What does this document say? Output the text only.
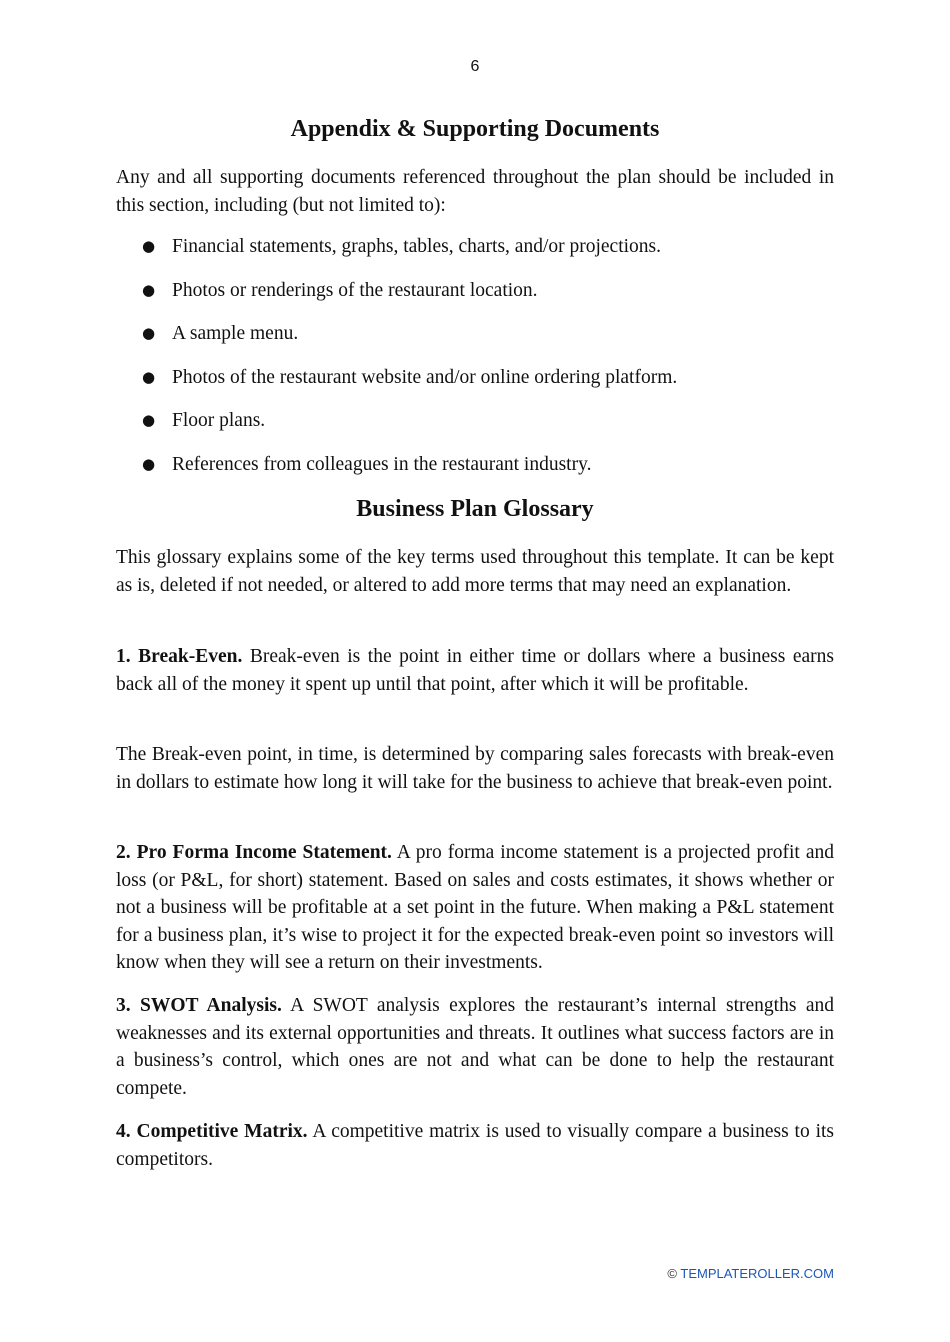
6
Appendix & Supporting Documents

Any and all supporting documents referenced throughout the plan should be included in this section, including (but not limited to):

● Financial statements, graphs, tables, charts, and/or projections.
● Photos or renderings of the restaurant location.
● A sample menu.
● Photos of the restaurant website and/or online ordering platform.
● Floor plans.
● References from colleagues in the restaurant industry.
Business Plan Glossary

This glossary explains some of the key terms used throughout this template. It can be kept as is, deleted if not needed, or altered to add more terms that may need an explanation.

1. Break-Even. Break-even is the point in either time or dollars where a business earns back all of the money it spent up until that point, after which it will be profitable.

The Break-even point, in time, is determined by comparing sales forecasts with break-even in dollars to estimate how long it will take for the business to achieve that break-even point.

2. Pro Forma Income Statement. A pro forma income statement is a projected profit and loss (or P&L, for short) statement. Based on sales and costs estimates, it shows whether or not a business will be profitable at a set point in the future. When making a P&L statement for a business plan, it’s wise to project it for the expected break-even point so investors will know when they will see a return on their investments.

3. SWOT Analysis. A SWOT analysis explores the restaurant’s internal strengths and weaknesses and its external opportunities and threats. It outlines what success factors are in a business’s control, which ones are not and what can be done to help the restaurant compete.

4. Competitive Matrix. A competitive matrix is used to visually compare a business to its competitors.

© TEMPLATEROLLER.COM
